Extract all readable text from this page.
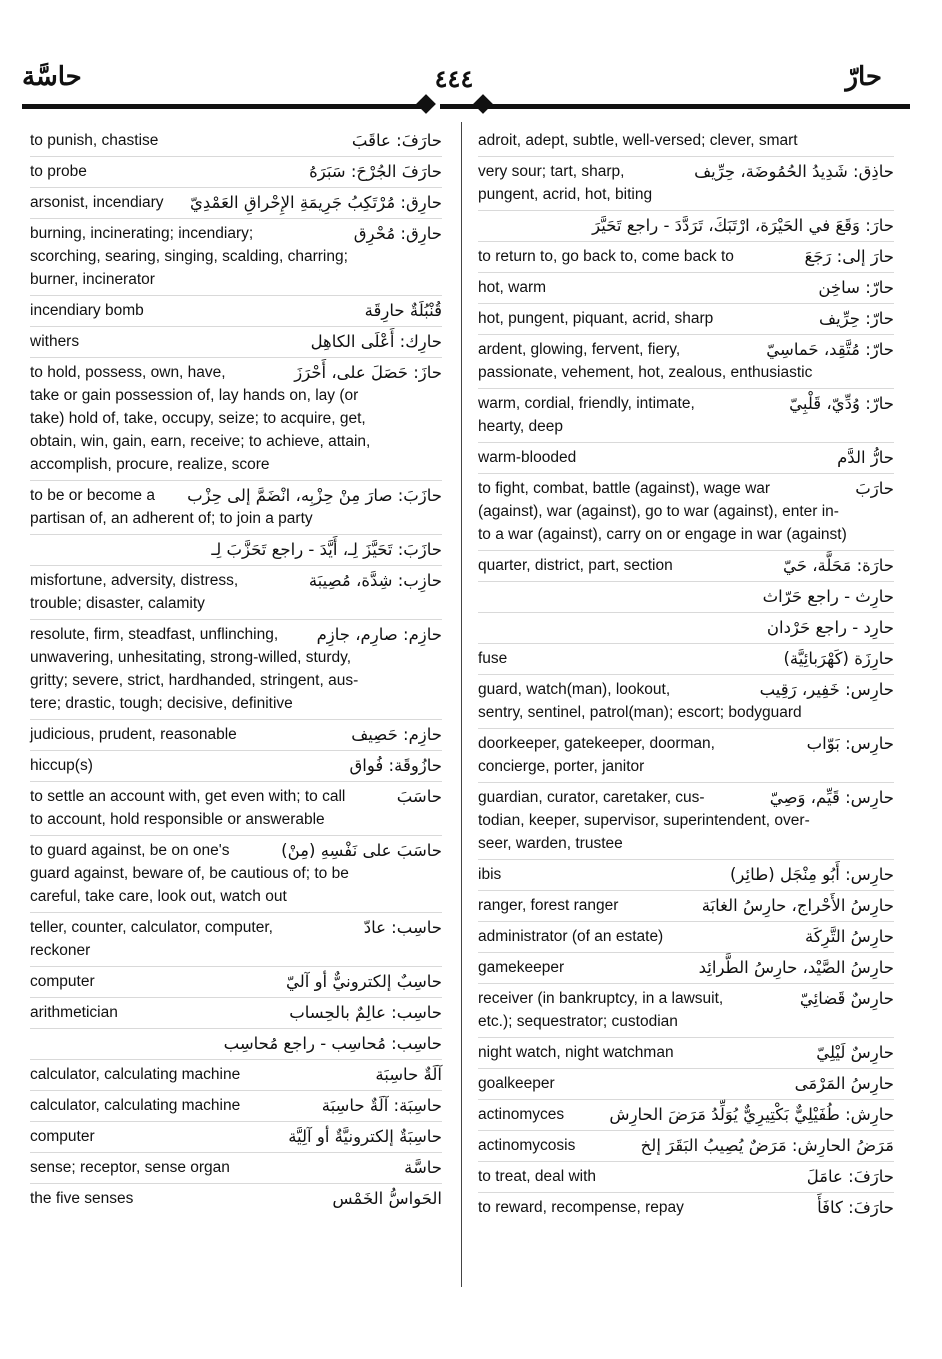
حاسَّة	٤٤٤	حارّ
to punish, chastise	حارَفَ: عاقَبَ
to probe	حارَفَ الجُرْحَ: سَبَرَهُ
arsonist, incendiary حارِق: مُرْتَكِبُ جَرِيمَةِ الإِحْراقِ العَمْدِيّ
burning, incinerating; incendiary;	حارِق: مُحْرِق
scorching, searing, singing, scalding, charring;
burner, incinerator
incendiary bomb	قُنْبُلَةٌ حارِقَة
withers	حارِك: أَعْلَى الكاهِل
to hold, possess, own, have,	حازَ: حَصَلَ على، أَحْرَزَ
take or gain possession of, lay hands on, lay (or
take) hold of, take, occupy, seize; to acquire, get,
obtain, win, gain, earn, receive; to achieve, attain,
accomplish, procure, realize, score
to be or become a حازَبَ: صارَ مِنْ حِزْبِه، انْضَمَّ إلى حِزْب
partisan of, an adherent of; to join a party
حازَبَ: تَحَيَّزَ لِـ، أَيَّدَ - راجع تَحَزَّبَ لِـ
misfortune, adversity, distress,	حازِب: شِدَّة، مُصِيبَة
trouble; disaster, calamity
resolute, firm, steadfast, unflinching, حازِم: صارِم، جازِم
unwavering, unhesitating, strong-willed, sturdy,
gritty; severe, strict, hardhanded, stringent, aus-
tere; drastic, tough; decisive, definitive
judicious, prudent, reasonable	حازِم: حَصِيف
hiccup(s)	حازُوقَة: فُواق
to settle an account with, get even with; to call	حاسَبَ
to account, hold responsible or answerable
to guard against, be on one's	حاسَبَ على نَفْسِهِ (مِنْ)
guard against, beware of, be cautious of; to be
careful, take care, look out, watch out
teller, counter, calculator, computer,	حاسِب: عادّ
reckoner
computer	حاسِبٌ إلكترونيٌّ أو آليّ
arithmetician	حاسِب: عالِمٌ بالحِساب
حاسِب: مُحاسِب - راجع مُحاسِب
calculator, calculating machine	آلَةٌ حاسِبَة
calculator, calculating machine	حاسِبَة: آلَةٌ حاسِبَة
computer	حاسِبَةٌ إلكترونيَّةٌ أو آلِيَّة
sense; receptor, sense organ	حاسَّة
the five senses	الحَواسُّ الخَمْس
adroit, adept, subtle, well-versed; clever, smart
very sour; tart, sharp,	حاذِق: شَدِيدُ الحُمُوضَة، حِرِّيف
pungent, acrid, hot, biting
حارَ: وَقَعَ في الحَيْرَة، ارْتَبَكَ، تَرَدَّدَ - راجع تَحَيَّرَ
to return to, go back to, come back to	حارَ إلى: رَجَعَ
hot, warm	حارّ: ساخِن
hot, pungent, piquant, acrid, sharp	حارّ: حِرِّيف
ardent, glowing, fervent, fiery,	حارّ: مُتَّقِد، حَماسِيّ
passionate, vehement, hot, zealous, enthusiastic
warm, cordial, friendly, intimate,	حارّ: وُدِّيّ، قَلْبِيّ
hearty, deep
warm-blooded	حارُّ الدَّم
to fight, combat, battle (against), wage war	حارَبَ
(against), war (against), go to war (against), enter in-
to a war (against), carry on or engage in war (against)
quarter, district, part, section	حارَة: مَحَلَّة، حَيّ
حارِث - راجع حَرّاث
حارِد - راجع حَرْدان
fuse	حارِزَة (كَهْرَبائِيَّة)
guard, watch(man), lookout,	حارِس: خَفِير، رَقِيب
sentry, sentinel, patrol(man); escort; bodyguard
doorkeeper, gatekeeper, doorman,	حارِس: بَوّاب
concierge, porter, janitor
guardian, curator, caretaker, cus-	حارِس: قَيِّم، وَصِيّ
todian, keeper, supervisor, superintendent, over-
seer, warden, trustee
ibis	حارِس: أَبُو مِنْجَل (طائِر)
ranger, forest ranger	حارِسُ الأَحْراج، حارِسُ الغابَة
administrator (of an estate)	حارِسُ التَّرِكَة
gamekeeper	حارِسُ الصَّيْد، حارِسُ الطَّرائِد
receiver (in bankruptcy, in a lawsuit,	حارِسٌ قَضائِيّ
etc.); sequestrator; custodian
night watch, night watchman	حارِسٌ لَيْلِيّ
goalkeeper	حارِسُ المَرْمَى
actinomyces	حارِش: طُفَيْلِيٌّ بَكْتِيرِيٌّ يُوَلِّدُ مَرَضَ الحارِش
actinomycosis	مَرَضُ الحارِش: مَرَضٌ يُصِيبُ البَقَرَ إلخ
to treat, deal with	حارَفَ: عامَلَ
to reward, recompense, repay	حارَفَ: كافَأَ
